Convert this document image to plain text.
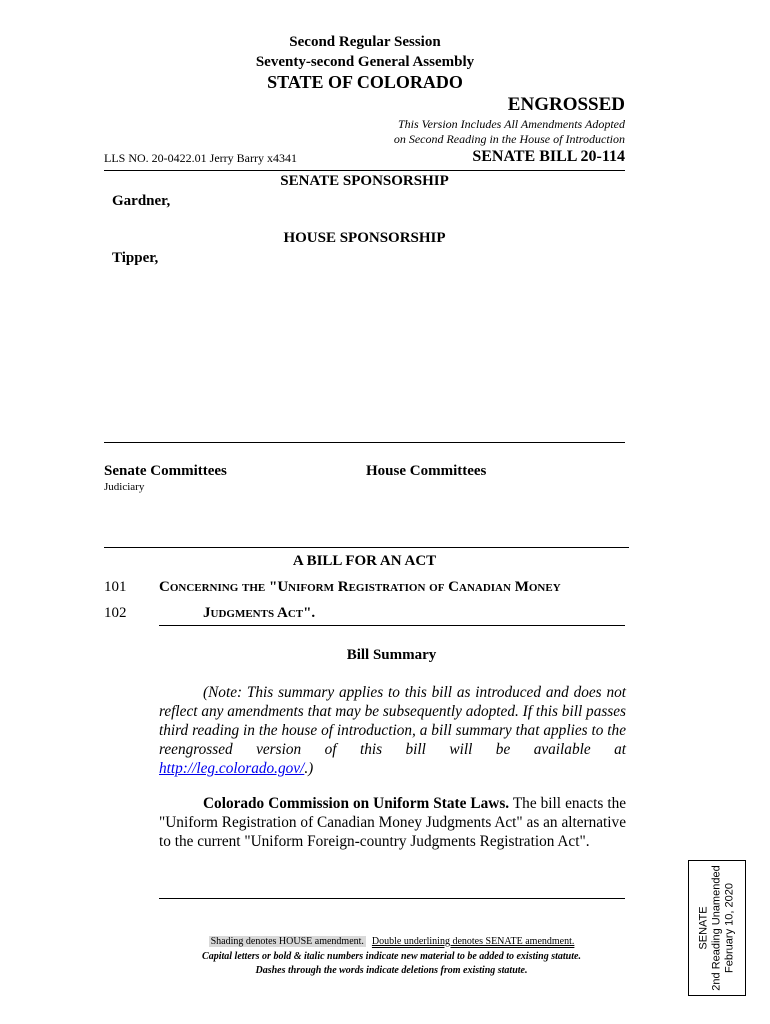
Second Regular Session
Seventy-second General Assembly
STATE OF COLORADO
ENGROSSED
This Version Includes All Amendments Adopted
on Second Reading in the House of Introduction
LLS NO. 20-0422.01 Jerry Barry x4341	SENATE BILL 20-114
SENATE SPONSORSHIP
Gardner,
HOUSE SPONSORSHIP
Tipper,
Senate Committees
Judiciary
House Committees
A BILL FOR AN ACT
101 Concerning the "Uniform Registration of Canadian Money
102	Judgments Act".
Bill Summary
(Note: This summary applies to this bill as introduced and does not reflect any amendments that may be subsequently adopted. If this bill passes third reading in the house of introduction, a bill summary that applies to the reengrossed version of this bill will be available at http://leg.colorado.gov/.)
Colorado Commission on Uniform State Laws. The bill enacts the "Uniform Registration of Canadian Money Judgments Act" as an alternative to the current "Uniform Foreign-country Judgments Registration Act".
Shading denotes HOUSE amendment. Double underlining denotes SENATE amendment.
Capital letters or bold & italic numbers indicate new material to be added to existing statute.
Dashes through the words indicate deletions from existing statute.
SENATE 2nd Reading Unamended February 10, 2020
